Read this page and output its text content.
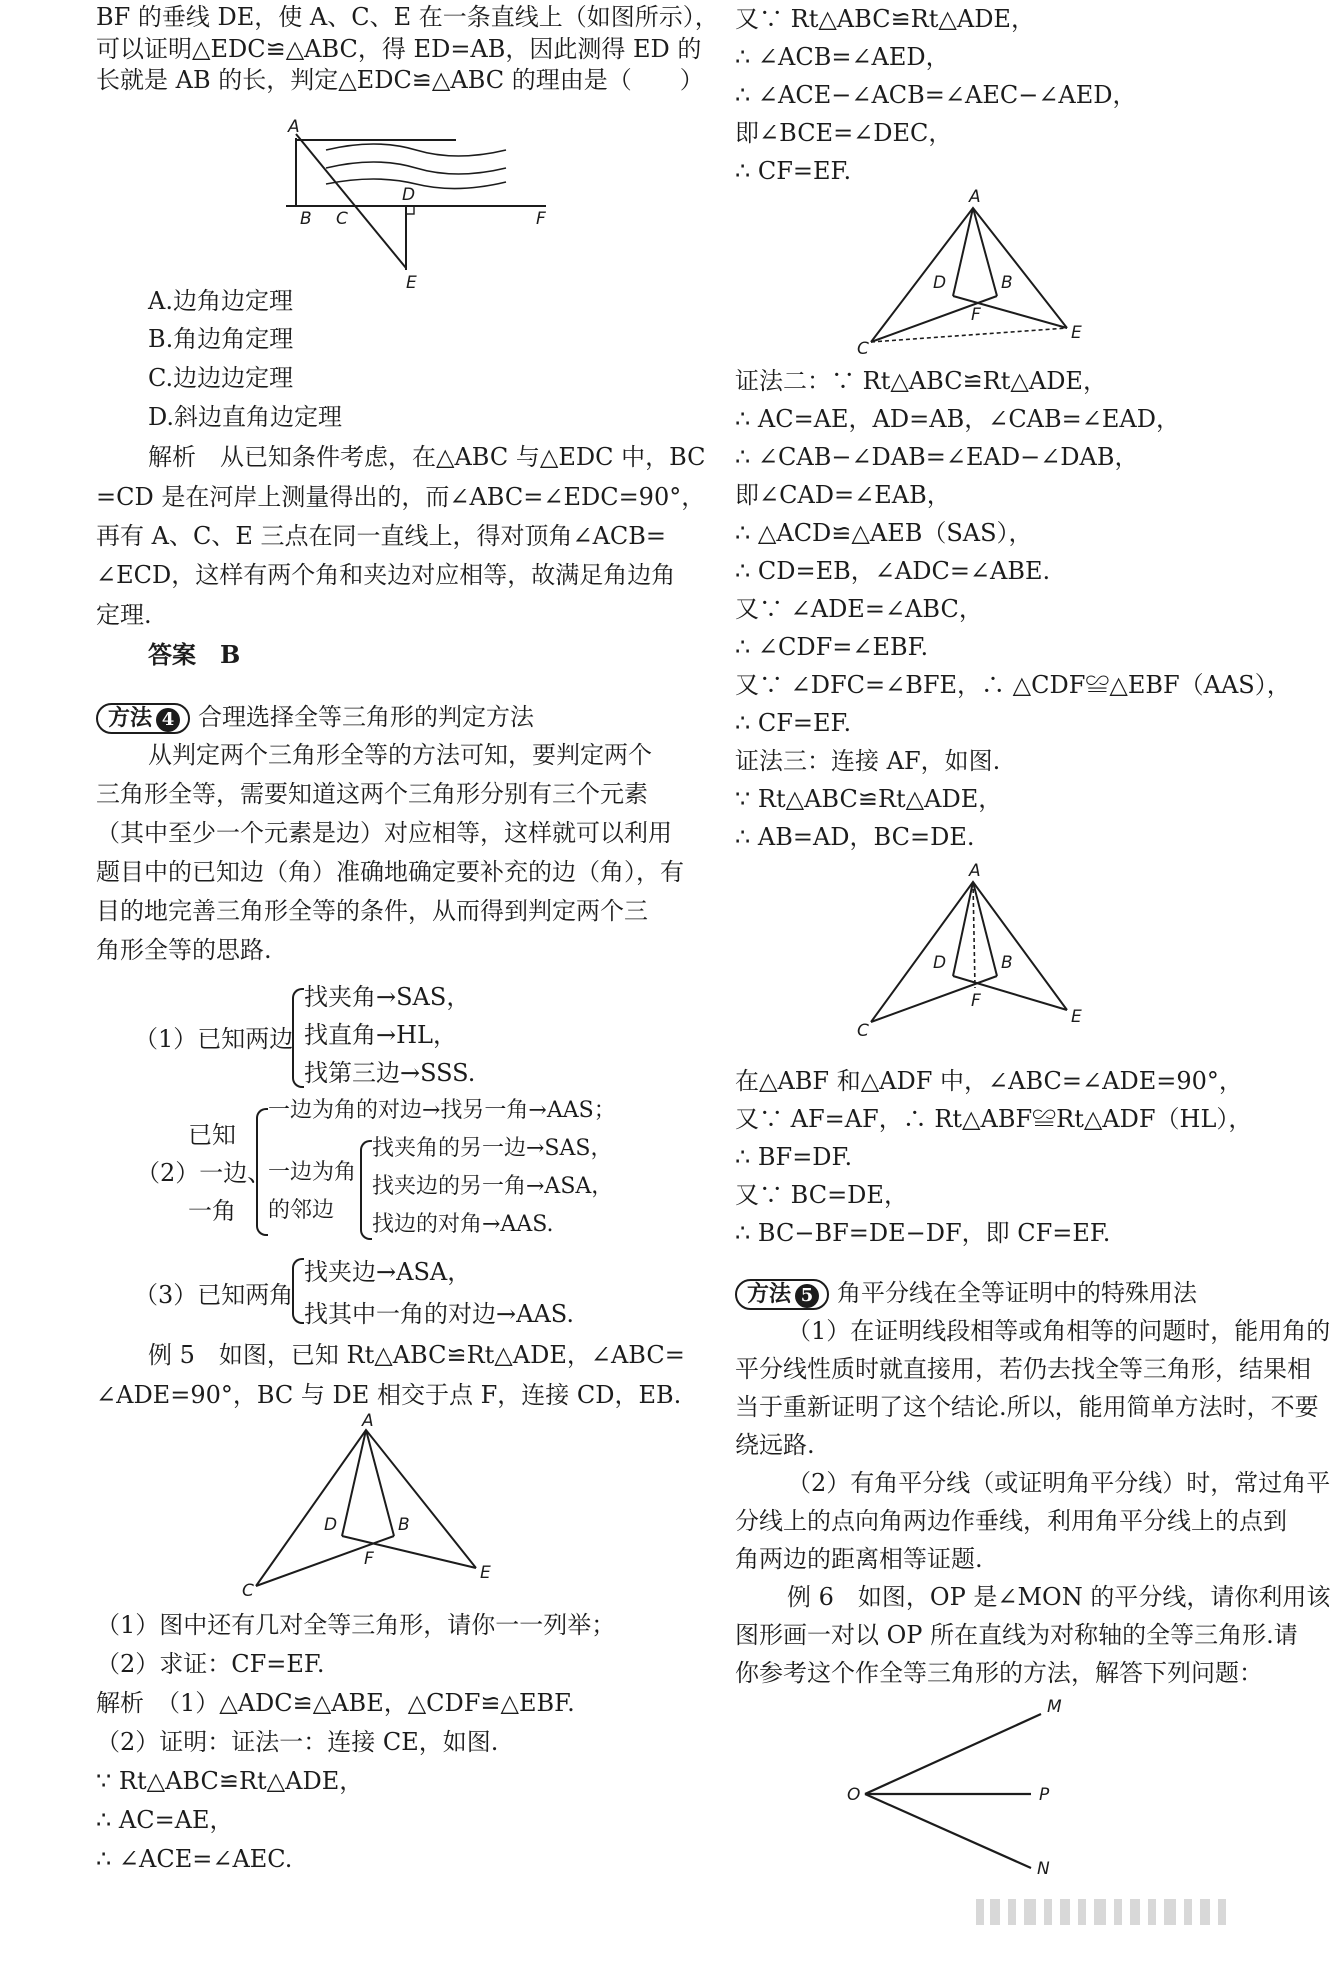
BF 的垂线 DE，使 A、C、E 在一条直线上（如图所示），
可以证明△EDC≌△ABC，得 ED=AB，因此测得 ED 的
长就是 AB 的长，判定△EDC≌△ABC 的理由是（　　）
A
B C
D
E
F
A.边角边定理
B.角边角定理
C.边边边定理
D.斜边直角边定理
解析　从已知条件考虑，在△ABC 与△EDC 中，BC
=CD 是在河岸上测量得出的，而∠ABC=∠EDC=90°，
再有 A、C、E 三点在同一直线上，得对顶角∠ACB=
∠ECD，这样有两个角和夹边对应相等，故满足角边角
定理.
答案　 B
方法 4 合理选择全等三角形的判定方法
从判定两个三角形全等的方法可知，要判定两个
三角形全等，需要知道这两个三角形分别有三个元素
（其中至少一个元素是边）对应相等，这样就可以利用
题目中的已知边（角）准确地确定要补充的边（角），有
目的地完善三角形全等的条件，从而得到判定两个三
角形全等的思路.
（1）已知两边
找夹角→SAS，
找直角→HL，
找第三边→SSS.
已知
（2）一边、
一角
一边为角的对边→找另一角→AAS；
一边为角
的邻边
找夹角的另一边→SAS，
找夹边的另一角→ASA，
找边的对角→AAS.
（3）已知两角
找夹边→ASA，
找其中一角的对边→AAS.
例 5　如图，已知 Rt△ABC≌Rt△ADE，∠ABC=
∠ADE=90°，BC 与 DE 相交于点 F，连接 CD，EB.
A
B
C
D
E
F
（1）图中还有几对全等三角形，请你一一列举；
（2）求证：CF=EF.
解析　（1）△ADC≌△ABE，△CDF≌△EBF.
（2）证明：证法一：连接 CE，如图.
∵ Rt△ABC≌Rt△ADE，
∴ AC=AE，
∴ ∠ACE=∠AEC.
又∵ Rt△ABC≌Rt△ADE，
∴ ∠ACB=∠AED，
∴ ∠ACE−∠ACB=∠AEC−∠AED，
即∠BCE=∠DEC，
∴ CF=EF.
A
B
C
D
E
F
证法二：∵ Rt△ABC≌Rt△ADE，
∴ AC=AE，AD=AB，∠CAB=∠EAD，
∴ ∠CAB−∠DAB=∠EAD−∠DAB，
即∠CAD=∠EAB，
∴ △ACD≌△AEB（SAS），
∴ CD=EB，∠ADC=∠ABE.
又∵ ∠ADE=∠ABC，
∴ ∠CDF=∠EBF.
又∵ ∠DFC=∠BFE，∴ △CDF≌△EBF（AAS），
∴ CF=EF.
证法三：连接 AF，如图.
∵ Rt△ABC≌Rt△ADE，
∴ AB=AD，BC=DE.
A
B
C
D
E
F
在△ABF 和△ADF 中，∠ABC=∠ADE=90°，
又∵ AF=AF，∴ Rt△ABF≌Rt△ADF（HL），
∴ BF=DF.
又∵ BC=DE，
∴ BC−BF=DE−DF，即 CF=EF.
方法 5 角平分线在全等证明中的特殊用法
（1）在证明线段相等或角相等的问题时，能用角的
平分线性质时就直接用，若仍去找全等三角形，结果相
当于重新证明了这个结论.所以，能用简单方法时，不要
绕远路.
（2）有角平分线（或证明角平分线）时，常过角平
分线上的点向角两边作垂线，利用角平分线上的点到
角两边的距离相等证题.
例 6　如图，OP 是∠MON 的平分线，请你利用该
图形画一对以 OP 所在直线为对称轴的全等三角形.请
你参考这个作全等三角形的方法，解答下列问题：
O
M
P
N
